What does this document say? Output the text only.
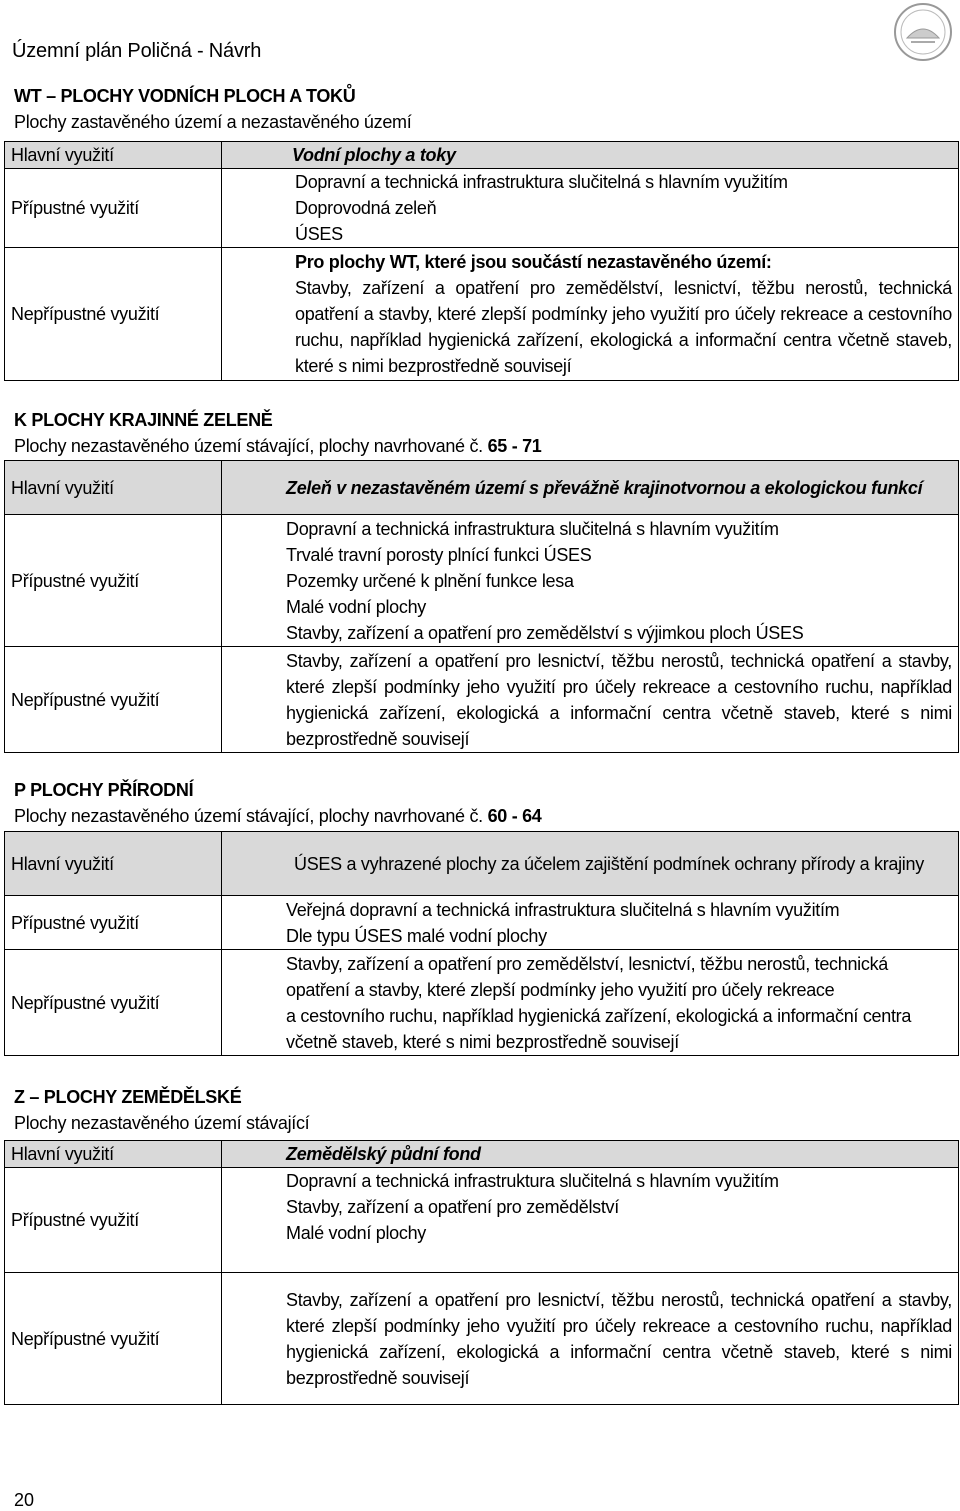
Územní plán Poličná - Návrh
WT – PLOCHY VODNÍCH PLOCH A TOKŮ
Plochy zastavěného území a nezastavěného území
Hlavní využití	Vodní plochy a toky
Přípustné využití	Dopravní a technická infrastruktura slučitelná s hlavním využitím
Doprovodná zeleň
ÚSES

Nepřípustné využití	Pro plochy WT, které jsou součástí nezastavěného území:
Stavby, zařízení a opatření pro zemědělství, lesnictví, těžbu nerostů, technická opatření a stavby, které zlepší podmínky jeho využití pro účely rekreace a cestovního ruchu, například hygienická zařízení, ekologická a informační centra včetně staveb, které s nimi bezprostředně souvisejí
K PLOCHY KRAJINNÉ ZELENĚ
Plochy nezastavěného území stávající, plochy navrhované č. 65 - 71
Hlavní využití	Zeleň v nezastavěném území s převážně krajinotvornou a ekologickou funkcí
Přípustné využití	Dopravní a technická infrastruktura slučitelná s hlavním využitím
Trvalé travní porosty plnící funkci ÚSES
Pozemky určené k plnění funkce lesa
Malé vodní plochy
Stavby, zařízení a opatření pro zemědělství s výjimkou ploch ÚSES

Nepřípustné využití	Stavby, zařízení a opatření pro lesnictví, těžbu nerostů, technická opatření a stavby, které zlepší podmínky jeho využití pro účely rekreace a cestovního ruchu, například hygienická zařízení, ekologická a informační centra včetně staveb, které s nimi bezprostředně souvisejí
P PLOCHY PŘÍRODNÍ
Plochy nezastavěného území stávající, plochy navrhované č. 60 - 64
Hlavní využití	ÚSES a vyhrazené plochy za účelem zajištění podmínek ochrany přírody a krajiny
Přípustné využití	Veřejná dopravní a technická infrastruktura slučitelná s hlavním využitím
Dle typu ÚSES malé vodní plochy

Nepřípustné využití	Stavby, zařízení a opatření pro zemědělství, lesnictví, těžbu nerostů, technická
opatření a stavby, které zlepší podmínky jeho využití pro účely rekreace
a cestovního ruchu, například hygienická zařízení, ekologická a informační centra
včetně staveb, které s nimi bezprostředně souvisejí
Z – PLOCHY ZEMĚDĚLSKÉ
Plochy nezastavěného území stávající
Hlavní využití	Zemědělský půdní fond
Přípustné využití	Dopravní a technická infrastruktura slučitelná s hlavním využitím
Stavby, zařízení a opatření pro zemědělství
Malé vodní plochy

Nepřípustné využití	Stavby, zařízení a opatření pro lesnictví, těžbu nerostů, technická opatření a stavby, které zlepší podmínky jeho využití pro účely rekreace a cestovního ruchu, například hygienická zařízení, ekologická a informační centra včetně staveb, které s nimi bezprostředně souvisejí
20
